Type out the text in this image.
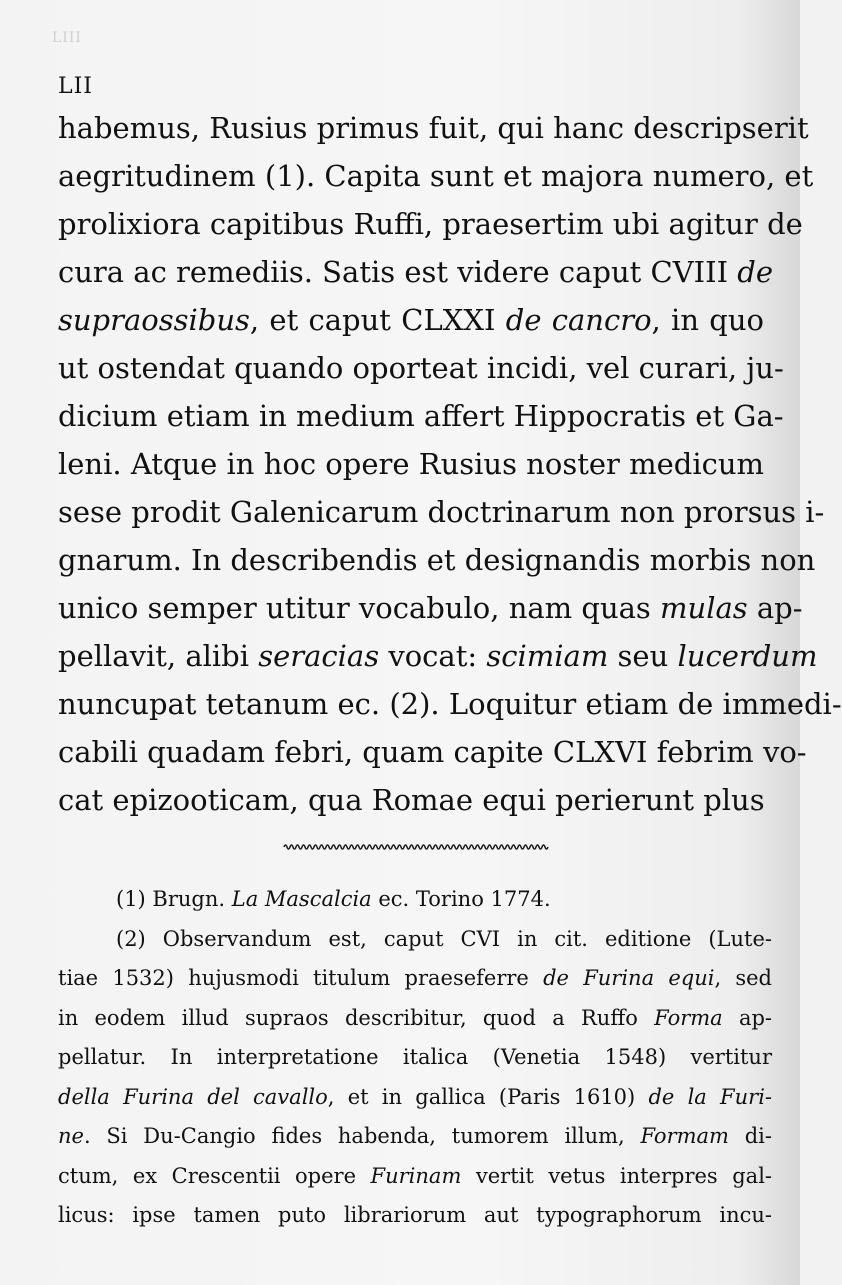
LIII
LII
habemus, Rusius primus fuit, qui hanc descripserit
aegritudinem (1). Capita sunt et majora numero, et
prolixiora capitibus Ruffi, praesertim ubi agitur de
cura ac remediis. Satis est videre caput CVIII de
supraossibus, et caput CLXXI de cancro, in quo
ut ostendat quando oporteat incidi, vel curari, ju-
dicium etiam in medium affert Hippocratis et Ga-
leni. Atque in hoc opere Rusius noster medicum
sese prodit Galenicarum doctrinarum non prorsus i-
gnarum. In describendis et designandis morbis non
unico semper utitur vocabulo, nam quas mulas ap-
pellavit, alibi seracias vocat: scimiam seu lucerdum
nuncupat tetanum ec. (2). Loquitur etiam de immedi-
cabili quadam febri, quam capite CLXVI febrim vo-
cat epizooticam, qua Romae equi perierunt plus
(1) Brugn. La Mascalcia ec. Torino 1774.
(2) Observandum est, caput CVI in cit. editione (Lute-
tiae 1532) hujusmodi titulum praeseferre de Furina equi, sed
in eodem illud supraos describitur, quod a Ruffo Forma ap-
pellatur. In interpretatione italica (Venetia 1548) vertitur
della Furina del cavallo, et in gallica (Paris 1610) de la Furi-
ne. Si Du-Cangio fides habenda, tumorem illum, Formam di-
ctum, ex Crescentii opere Furinam vertit vetus interpres gal-
licus: ipse tamen puto librariorum aut typographorum incu-
